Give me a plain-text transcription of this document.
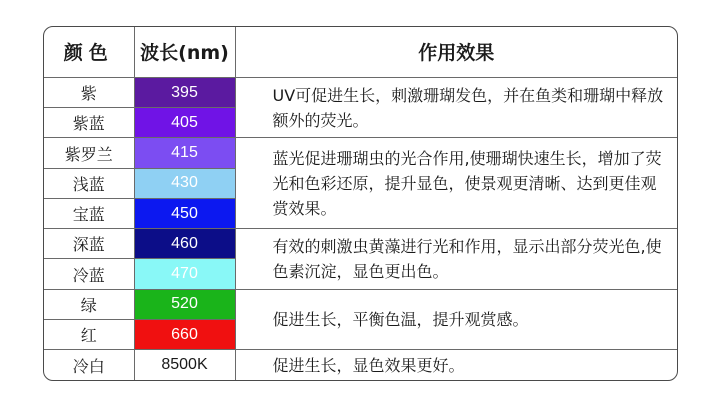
颜色	波长(nm)	作用效果
紫	395	UV可促进生长，刺激珊瑚发色，并在鱼类和珊瑚中释放额外的荧光。
紫蓝	405	
紫罗兰	415	蓝光促进珊瑚虫的光合作用,使珊瑚快速生长，增加了荧光和色彩还原，提升显色，使景观更清晰、达到更佳观赏效果。
浅蓝	430	
宝蓝	450	
深蓝	460	有效的刺激虫黄藻进行光和作用，显示出部分荧光色,使色素沉淀，显色更出色。
冷蓝	470	
绿	520	促进生长，平衡色温，提升观赏感。
红	660	
冷白	8500K	促进生长，显色效果更好。
